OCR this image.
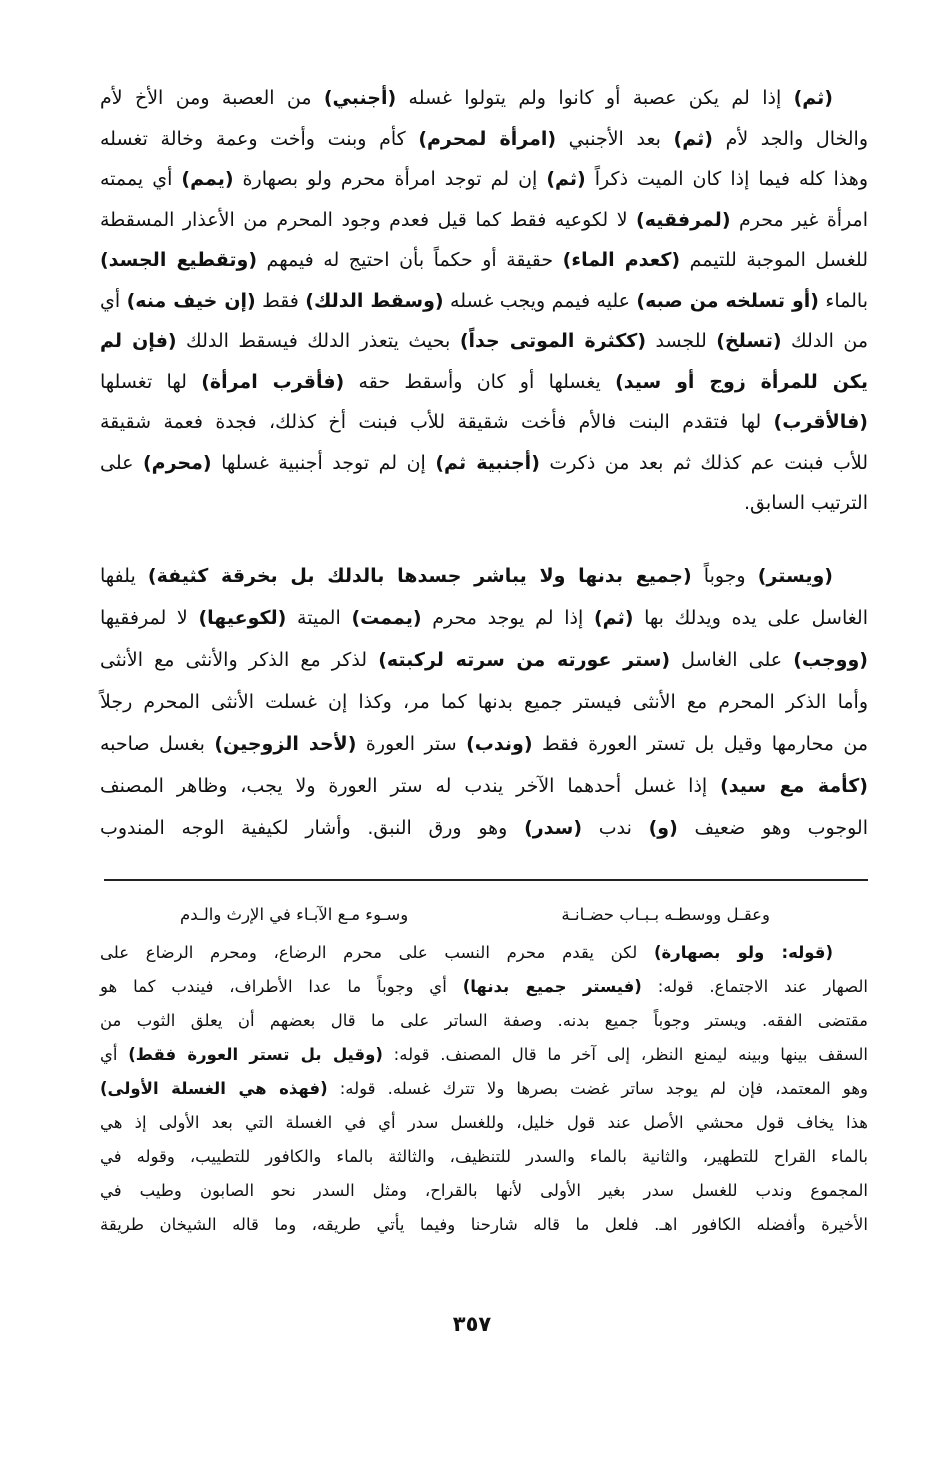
(ثم) إذا لم يكن عصبة أو كانوا ولم يتولوا غسله (أجنبي) من العصبة ومن الأخ لأم
والخال والجد لأم (ثم) بعد الأجنبي (امرأة لمحرم) كأم وبنت وأخت وعمة وخالة تغسله
وهذا كله فيما إذا كان الميت ذكراً (ثم) إن لم توجد امرأة محرم ولو بصهارة (يمم) أي يممته
امرأة غير محرم (لمرفقيه) لا لكوعيه فقط كما قيل فعدم وجود المحرم من الأعذار المسقطة
للغسل الموجبة للتيمم (كعدم الماء) حقيقة أو حكماً بأن احتيج له فيمهم (وتقطيع الجسد)
بالماء (أو تسلخه من صبه) عليه فيمم ويجب غسله (وسقط الدلك) فقط (إن خيف منه) أي
من الدلك (تسلخ) للجسد (ككثرة الموتى جداً) بحيث يتعذر الدلك فيسقط الدلك (فإن لم
يكن للمرأة زوج أو سيد) يغسلها أو كان وأسقط حقه (فأقرب امرأة) لها تغسلها
(فالأقرب) لها فتقدم البنت فالأم فأخت شقيقة للأب فبنت أخ كذلك، فجدة فعمة شقيقة
للأب فبنت عم كذلك ثم بعد من ذكرت (أجنبية ثم) إن لم توجد أجنبية غسلها (محرم) على
الترتيب السابق.
(ويستر) وجوباً (جميع بدنها ولا يباشر جسدها بالدلك بل بخرقة كثيفة) يلفها
الغاسل على يده ويدلك بها (ثم) إذا لم يوجد محرم (يممت) الميتة (لكوعيها) لا لمرفقيها
(ووجب) على الغاسل (ستر عورته من سرته لركبته) لذكر مع الذكر والأنثى مع الأنثى
وأما الذكر المحرم مع الأنثى فيستر جميع بدنها كما مر، وكذا إن غسلت الأنثى المحرم رجلاً
من محارمها وقيل بل تستر العورة فقط (وندب) ستر العورة (لأحد الزوجين) بغسل صاحبه
(كأمة مع سيد) إذا غسل أحدهما الآخر يندب له ستر العورة ولا يجب، وظاهر المصنف
الوجوب وهو ضعيف (و) ندب (سدر) وهو ورق النبق. وأشار لكيفية الوجه المندوب
وعقـل ووسطـه بـبـاب حضـانـة
وسـوء مـع الآبـاء في الإرث والـدم
(قوله: ولو بصهارة) لكن يقدم محرم النسب على محرم الرضاع، ومحرم الرضاع على
الصهار عند الاجتماع. قوله: (فيستر جميع بدنها) أي وجوباً ما عدا الأطراف، فيندب كما هو
مقتضى الفقه. ويستر وجوباً جميع بدنه. وصفة الساتر على ما قال بعضهم أن يعلق الثوب من
السقف بينها وبينه ليمنع النظر، إلى آخر ما قال المصنف. قوله: (وقيل بل تستر العورة فقط) أي
وهو المعتمد، فإن لم يوجد ساتر غضت بصرها ولا تترك غسله. قوله: (فهذه هي الغسلة الأولى)
هذا يخاف قول محشي الأصل عند قول خليل، وللغسل سدر أي في الغسلة التي بعد الأولى إذ هي
بالماء القراح للتطهير، والثانية بالماء والسدر للتنظيف، والثالثة بالماء والكافور للتطييب، وقوله في
المجموع وندب للغسل سدر بغير الأولى لأنها بالقراح، ومثل السدر نحو الصابون وطيب في
الأخيرة وأفضله الكافور اهـ. فلعل ما قاله شارحنا وفيما يأتي طريقه، وما قاله الشيخان طريقة
٣٥٧
